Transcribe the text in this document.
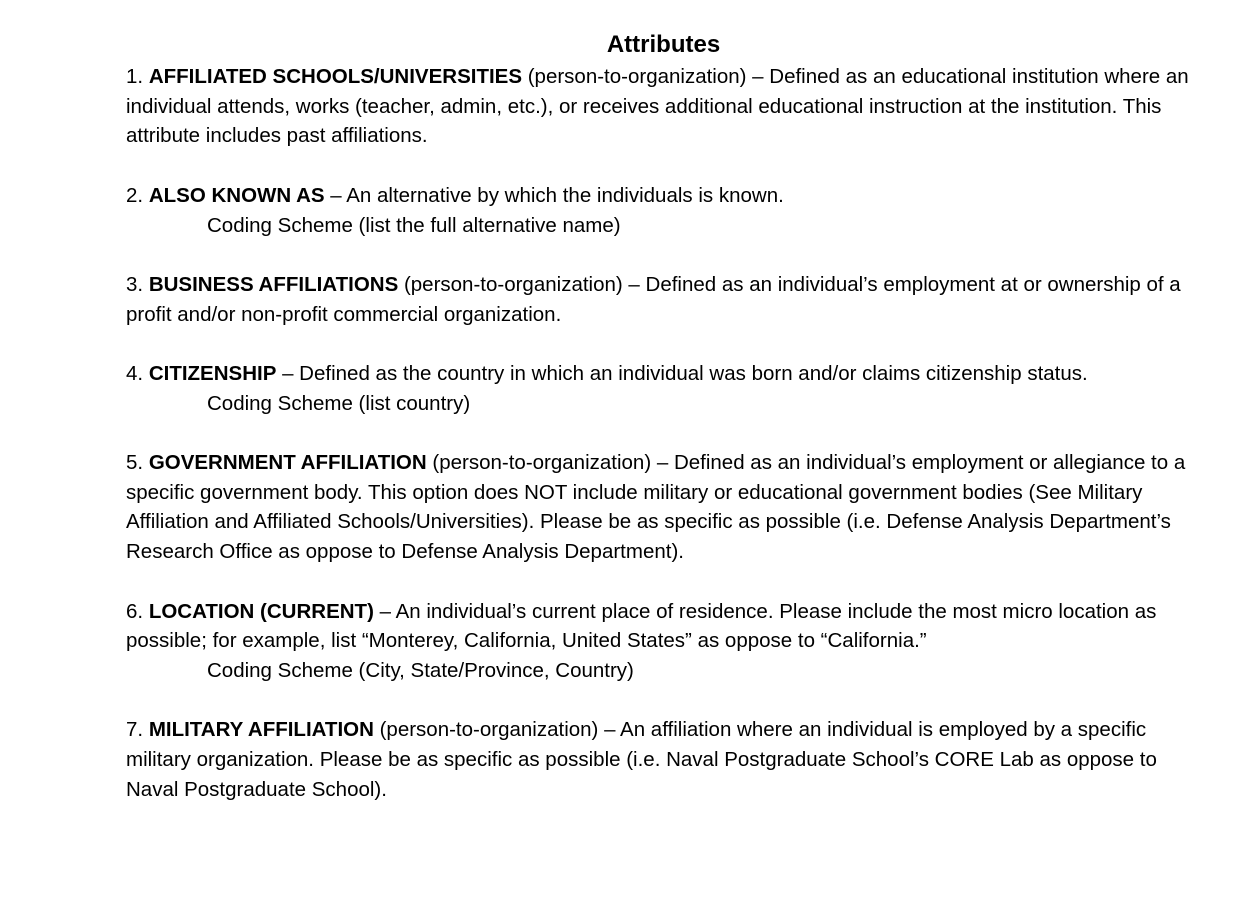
Attributes
1. AFFILIATED SCHOOLS/UNIVERSITIES (person-to-organization) – Defined as an educational institution where an individual attends, works (teacher, admin, etc.), or receives additional educational instruction at the institution. This attribute includes past affiliations.
2. ALSO KNOWN AS – An alternative by which the individuals is known.
Coding Scheme (list the full alternative name)
3. BUSINESS AFFILIATIONS (person-to-organization) – Defined as an individual’s employment at or ownership of a profit and/or non-profit commercial organization.
4. CITIZENSHIP – Defined as the country in which an individual was born and/or claims citizenship status.
Coding Scheme (list country)
5. GOVERNMENT AFFILIATION (person-to-organization) – Defined as an individual’s employment or allegiance to a specific government body. This option does NOT include military or educational government bodies (See Military Affiliation and Affiliated Schools/Universities). Please be as specific as possible (i.e. Defense Analysis Department’s Research Office as oppose to Defense Analysis Department).
6. LOCATION (CURRENT) – An individual’s current place of residence. Please include the most micro location as possible; for example, list “Monterey, California, United States” as oppose to “California.”
Coding Scheme (City, State/Province, Country)
7. MILITARY AFFILIATION (person-to-organization) – An affiliation where an individual is employed by a specific military organization. Please be as specific as possible (i.e. Naval Postgraduate School’s CORE Lab as oppose to Naval Postgraduate School).
